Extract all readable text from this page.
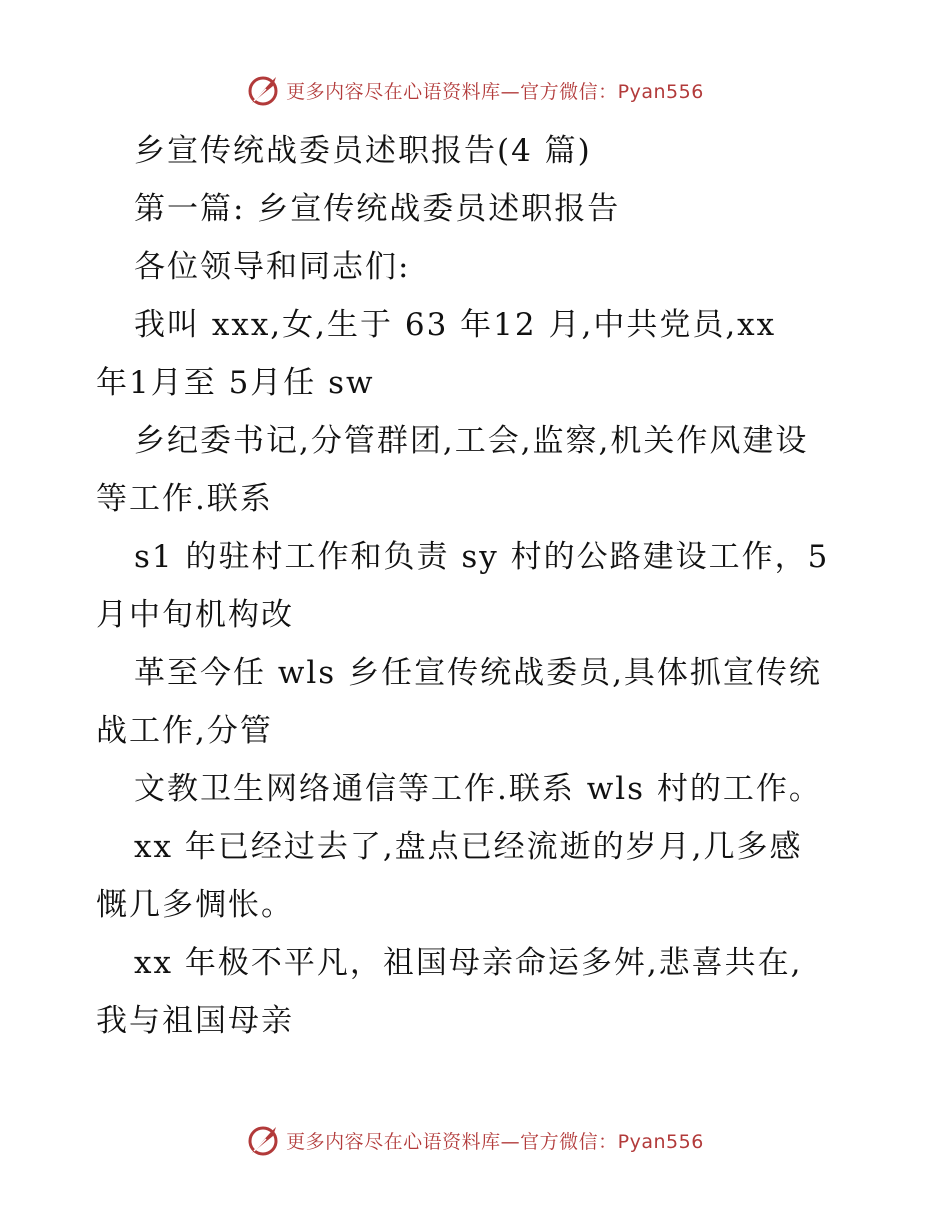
更多内容尽在心语资料库—官方微信：Pyan556

乡宣传统战委员述职报告(4 篇)

第一篇: 乡宣传统战委员述职报告

各位领导和同志们:

我叫 xxx,女,生于 63 年12 月,中共党员,xx

年1月至 5月任 sw

乡纪委书记,分管群团,工会,监察,机关作风建设

等工作.联系

s1 的驻村工作和负责 sy 村的公路建设工作，5

月中旬机构改

革至今任 wls 乡任宣传统战委员,具体抓宣传统

战工作,分管

文教卫生网络通信等工作.联系 wls 村的工作。

xx 年已经过去了,盘点已经流逝的岁月,几多感

慨几多惆怅。

xx 年极不平凡，祖国母亲命运多舛,悲喜共在,

我与祖国母亲

更多内容尽在心语资料库—官方微信：Pyan556
